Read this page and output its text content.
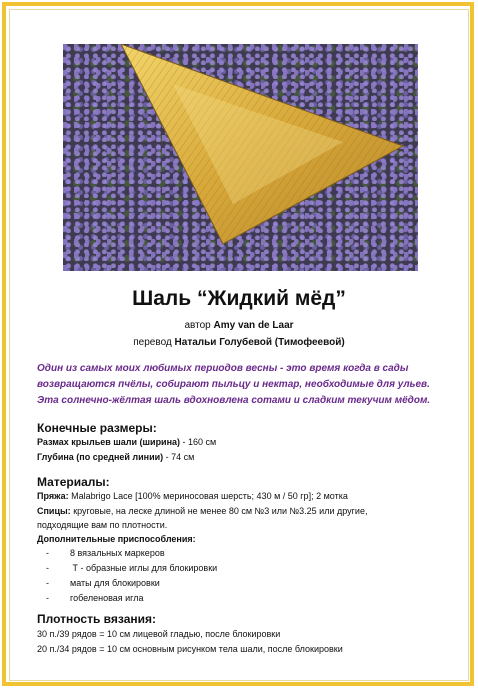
Шаль “Жидкий мёд”
автор Amy van de Laar
перевод Натальи Голубевой (Тимофеевой)
Один из самых моих любимых периодов весны - это время когда в сады
возвращаются пчёлы, собирают пыльцу и нектар, необходимые для ульев.
Эта солнечно-жёлтая шаль вдохновлена сотами и сладким текучим мёдом.
Конечные размеры:
Размах крыльев шали (ширина) - 160 см
Глубина (по средней линии) - 74 см
Материалы:
Пряжа: Malabrigo Lace [100% мериносовая шерсть; 430 м / 50 гр]; 2 мотка
Спицы: круговые, на леске длиной не менее 80 см №3 или №3.25 или другие,
подходящие вам по плотности.
Дополнительные приспособления:
- 8 вязальных маркеров
- Т - образные иглы для блокировки
- маты для блокировки
- гобеленовая игла
Плотность вязания:
30 п./39 рядов = 10 см лицевой гладью, после блокировки
20 п./34 рядов = 10 см основным рисунком тела шали, после блокировки
